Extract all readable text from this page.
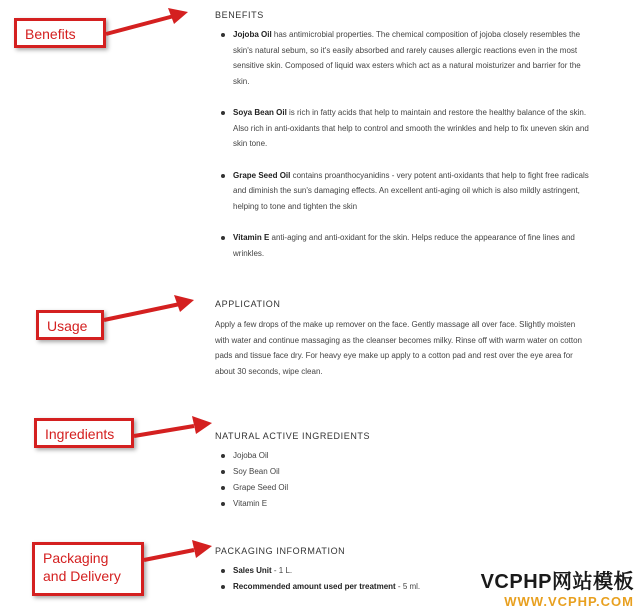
Benefits
Usage
Ingredients
Packaging and Delivery
BENEFITS
Jojoba Oil has antimicrobial properties. The chemical composition of jojoba closely resembles the skin's natural sebum, so it's easily absorbed and rarely causes allergic reactions even in the most sensitive skin. Composed of liquid wax esters which act as a natural moisturizer and barrier for the skin.
Soya Bean Oil is rich in fatty acids that help to maintain and restore the healthy balance of the skin. Also rich in anti-oxidants that help to control and smooth the wrinkles and help to fix uneven skin and skin tone.
Grape Seed Oil contains proanthocyanidins - very potent anti-oxidants that help to fight free radicals and diminish the sun's damaging effects. An excellent anti-aging oil which is also mildly astringent, helping to tone and tighten the skin
Vitamin E anti-aging and anti-oxidant for the skin. Helps reduce the appearance of fine lines and wrinkles.
APPLICATION
Apply a few drops of the make up remover on the face. Gently massage all over face. Slightly moisten with water and continue massaging as the cleanser becomes milky. Rinse off with warm water on cotton pads and tissue face dry. For heavy eye make up apply to a cotton pad and rest over the eye area for about 30 seconds, wipe clean.
NATURAL ACTIVE INGREDIENTS
Jojoba Oil
Soy Bean Oil
Grape Seed Oil
Vitamin E
PACKAGING INFORMATION
Sales Unit - 1 L.
Recommended amount used per treatment - 5 ml.	VCPHP网站模板
WWW.VCPHP.COM
